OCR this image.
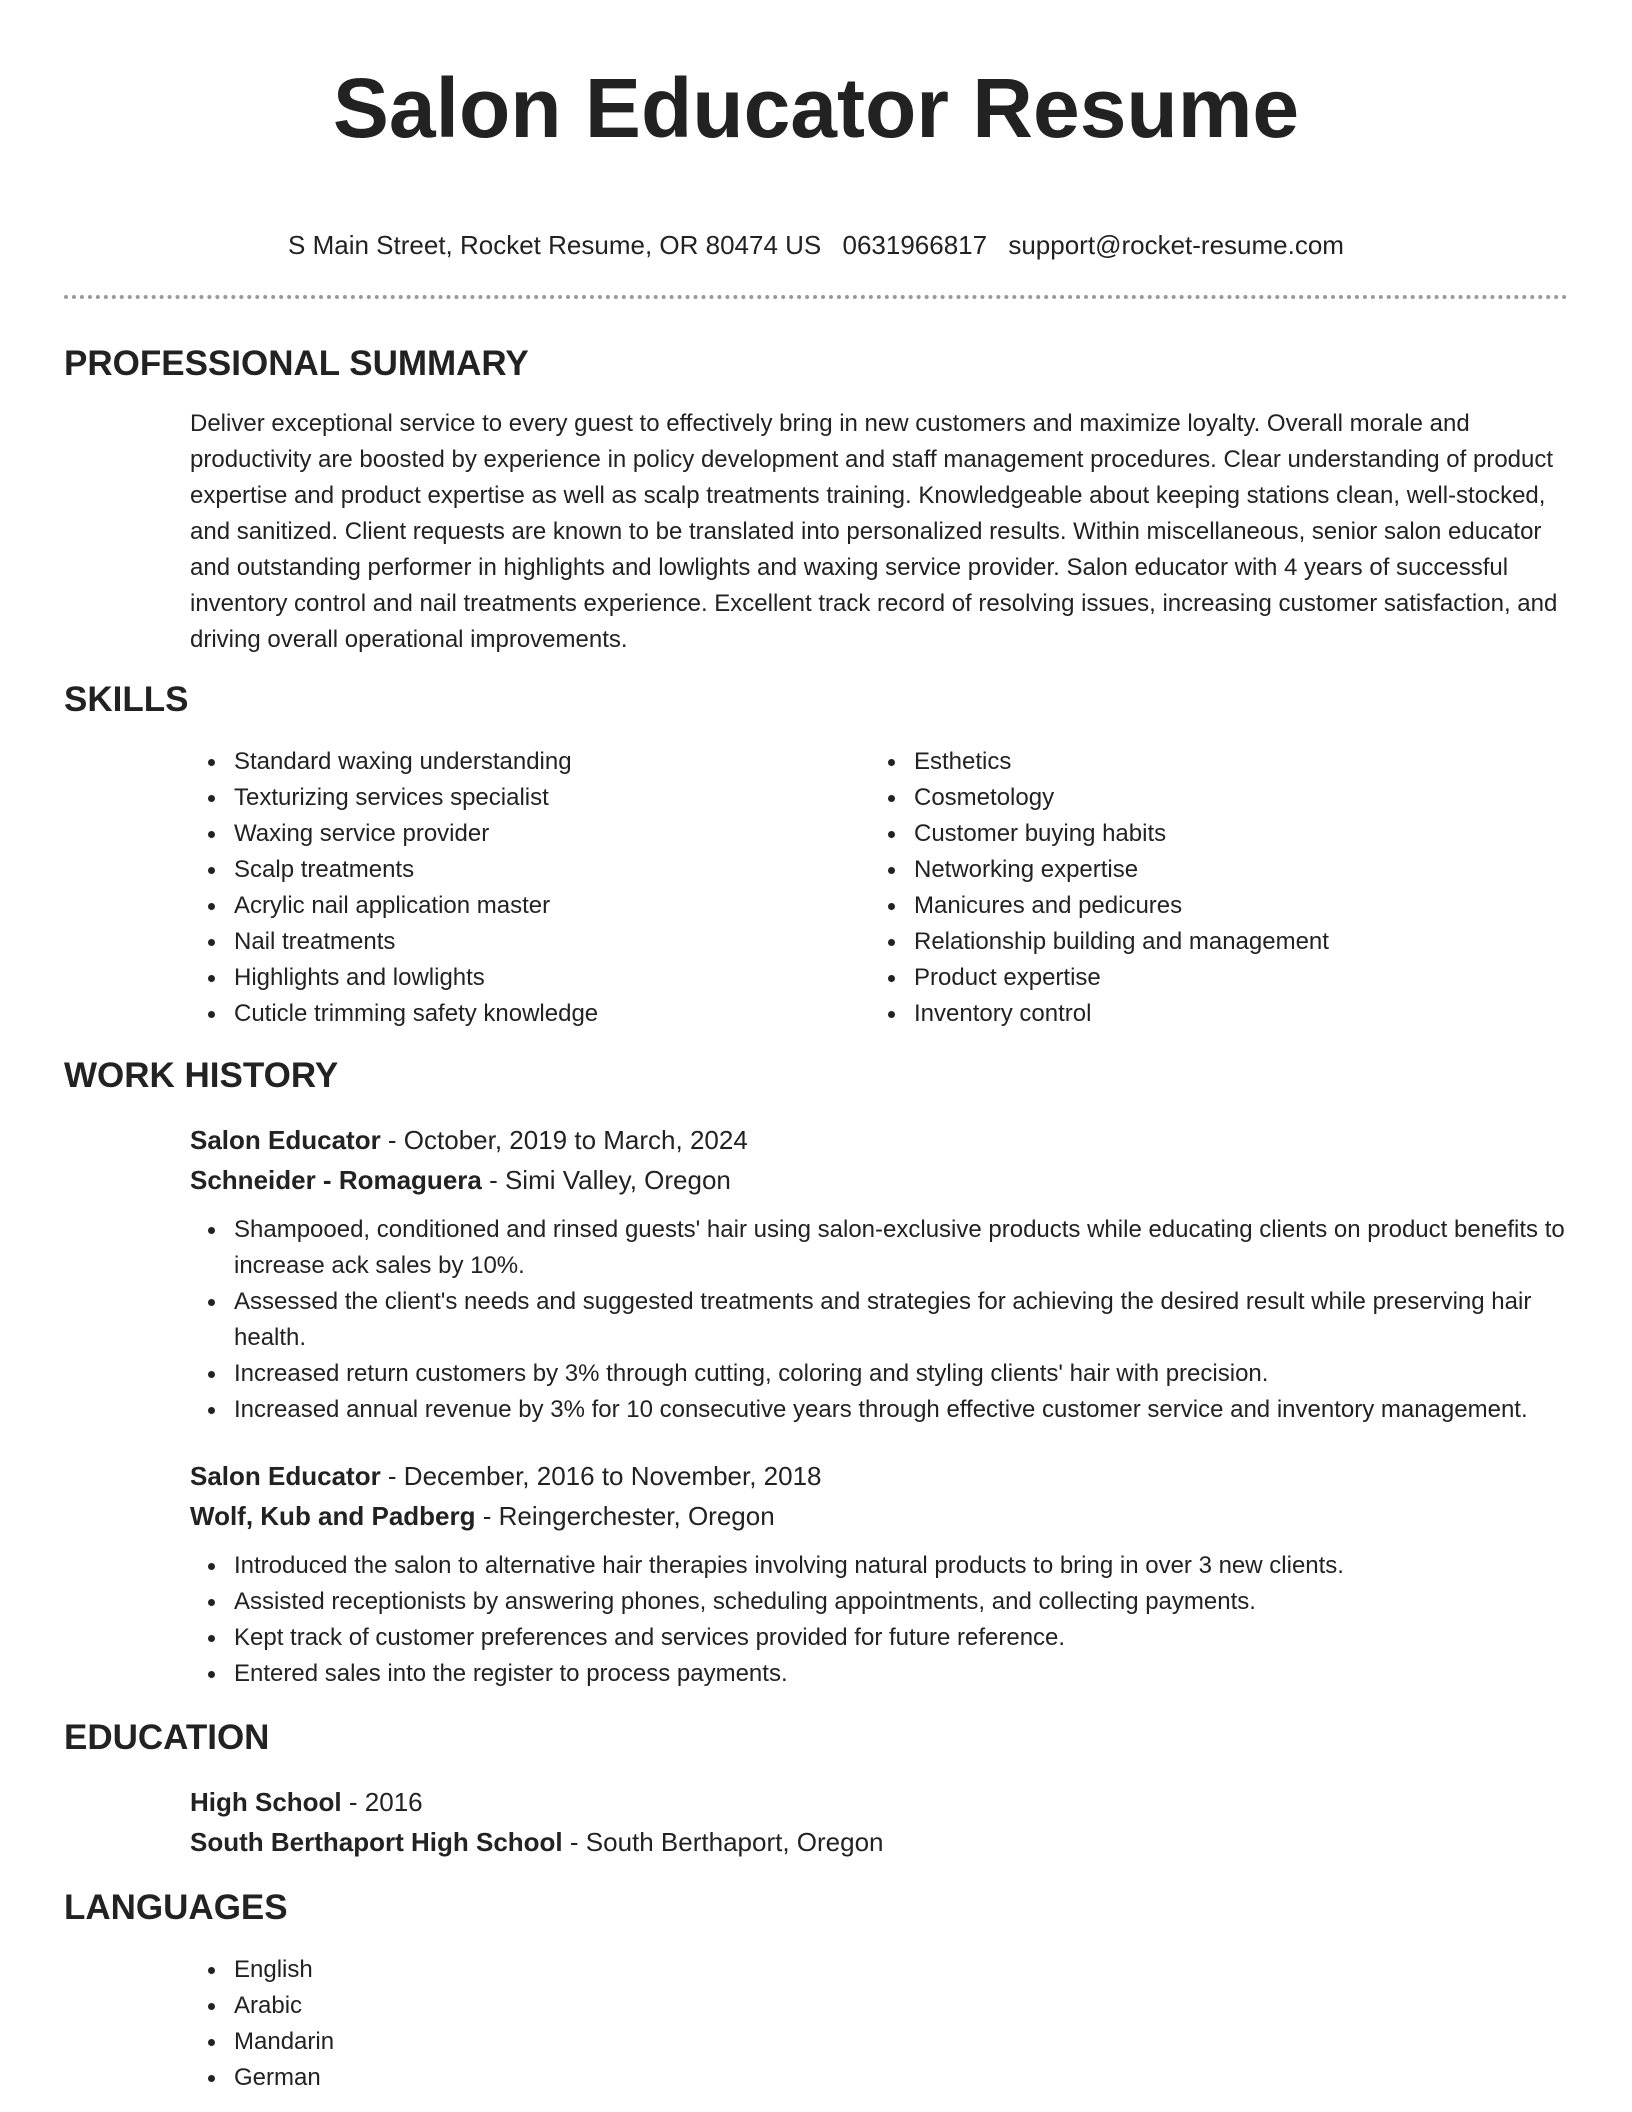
Salon Educator Resume
S Main Street, Rocket Resume, OR 80474 US 0631966817 support@rocket-resume.com
PROFESSIONAL SUMMARY

Deliver exceptional service to every guest to effectively bring in new customers and maximize loyalty. Overall morale and productivity are boosted by experience in policy development and staff management procedures. Clear understanding of product expertise and product expertise as well as scalp treatments training. Knowledgeable about keeping stations clean, well-stocked, and sanitized. Client requests are known to be translated into personalized results. Within miscellaneous, senior salon educator and outstanding performer in highlights and lowlights and waxing service provider. Salon educator with 4 years of successful inventory control and nail treatments experience. Excellent track record of resolving issues, increasing customer satisfaction, and driving overall operational improvements.

SKILLS
Standard waxing understanding
Texturizing services specialist
Waxing service provider
Scalp treatments
Acrylic nail application master
Nail treatments
Highlights and lowlights
Cuticle trimming safety knowledge
Esthetics
Cosmetology
Customer buying habits
Networking expertise
Manicures and pedicures
Relationship building and management
Product expertise
Inventory control
WORK HISTORY
Salon Educator - October, 2019 to March, 2024
Schneider - Romaguera - Simi Valley, Oregon
Shampooed, conditioned and rinsed guests' hair using salon-exclusive products while educating clients on product benefits to increase ack sales by 10%.
Assessed the client's needs and suggested treatments and strategies for achieving the desired result while preserving hair health.
Increased return customers by 3% through cutting, coloring and styling clients' hair with precision.
Increased annual revenue by 3% for 10 consecutive years through effective customer service and inventory management.
Salon Educator - December, 2016 to November, 2018
Wolf, Kub and Padberg - Reingerchester, Oregon
Introduced the salon to alternative hair therapies involving natural products to bring in over 3 new clients.
Assisted receptionists by answering phones, scheduling appointments, and collecting payments.
Kept track of customer preferences and services provided for future reference.
Entered sales into the register to process payments.
EDUCATION
High School - 2016
South Berthaport High School - South Berthaport, Oregon
LANGUAGES
English
Arabic
Mandarin
German
